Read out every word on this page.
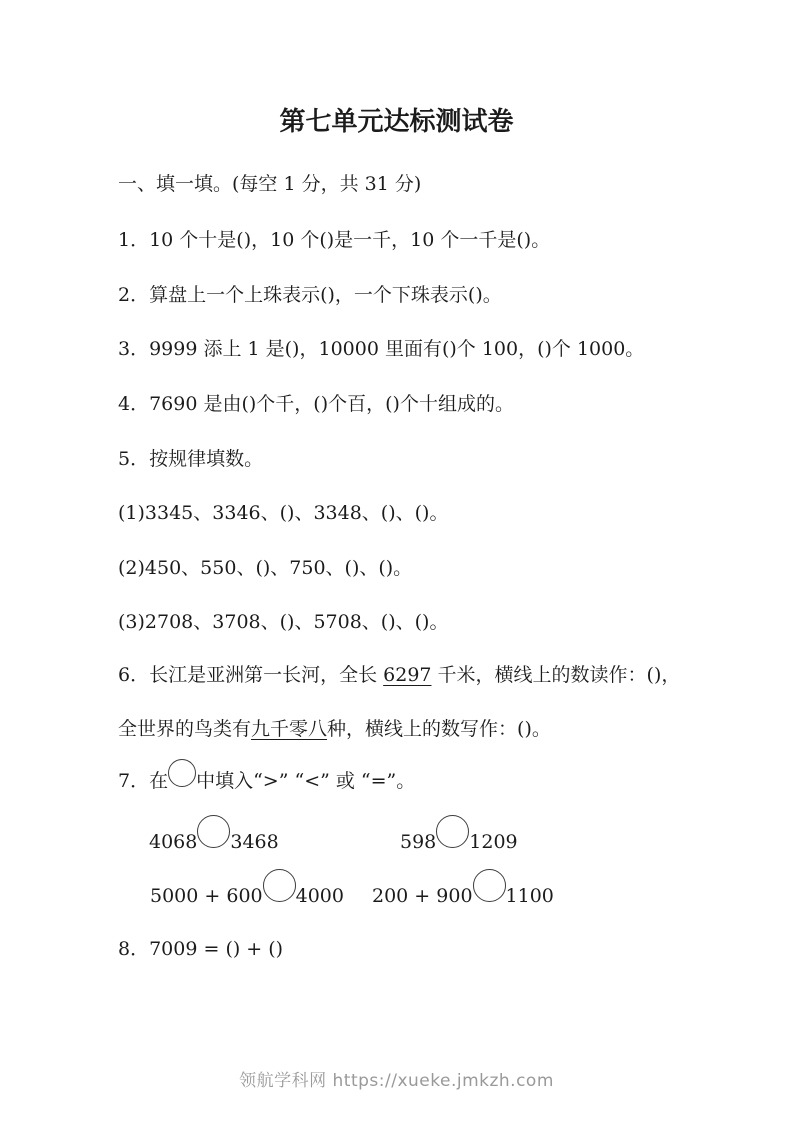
第七单元达标测试卷
一、填一填。(每空 1 分，共 31 分)
1．10 个十是()，10 个()是一千，10 个一千是()。
2．算盘上一个上珠表示()，一个下珠表示()。
3．9999 添上 1 是()，10000 里面有()个 100，()个 1000。
4．7690 是由()个千，()个百，()个十组成的。
5．按规律填数。
(1)3345、3346、()、3348、()、()。
(2)450、550、()、750、()、()。
(3)2708、3708、()、5708、()、()。
6．长江是亚洲第一长河，全长 6297 千米，横线上的数读作：()，
全世界的鸟类有九千零八种，横线上的数写作：()。
7．在 中填入“>” “<” 或 “=”。
4068 3468	598 1209
5000 + 600 4000 200 + 900 1100
8．7009 = () + ()
领航学科网 https://xueke.jmkzh.com
